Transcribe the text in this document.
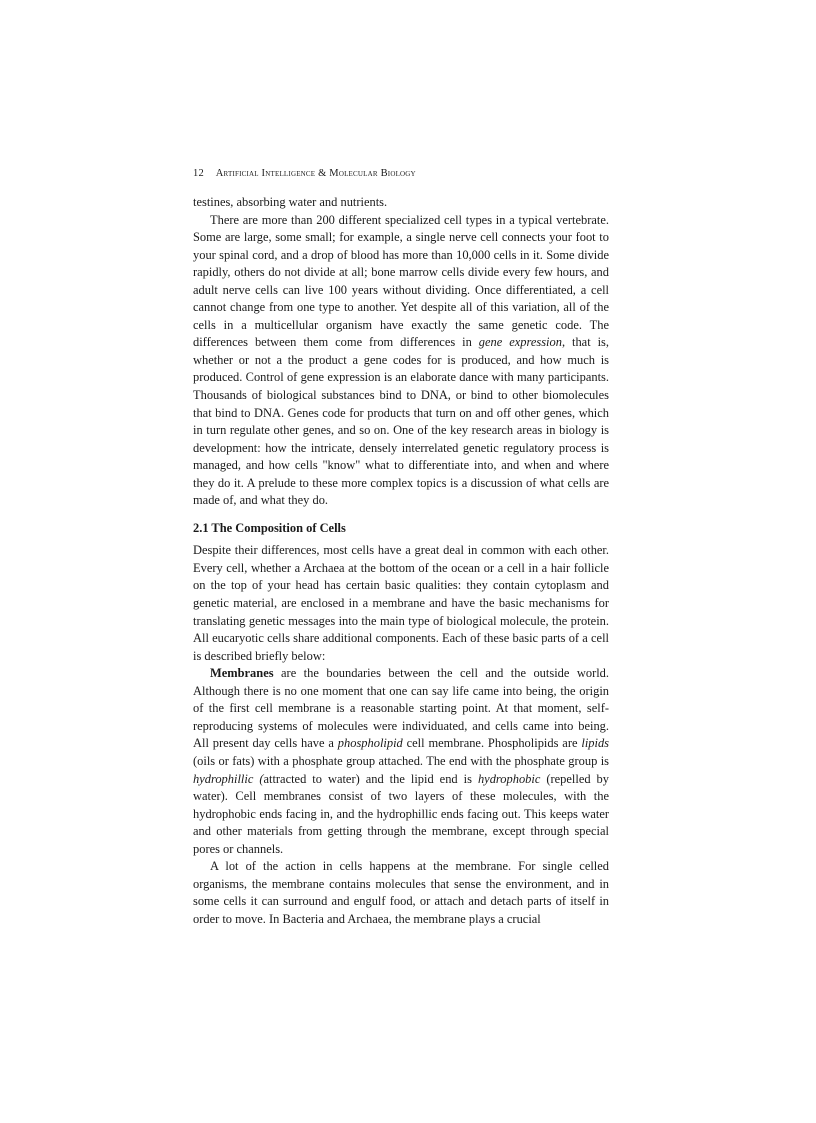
12 Artificial Intelligence & Molecular Biology

testines, absorbing water and nutrients.

There are more than 200 different specialized cell types in a typical vertebrate. Some are large, some small; for example, a single nerve cell connects your foot to your spinal cord, and a drop of blood has more than 10,000 cells in it. Some divide rapidly, others do not divide at all; bone marrow cells divide every few hours, and adult nerve cells can live 100 years without dividing. Once differentiated, a cell cannot change from one type to another. Yet despite all of this variation, all of the cells in a multicellular organism have exactly the same genetic code. The differences between them come from differences in gene expression, that is, whether or not a the product a gene codes for is produced, and how much is produced. Control of gene expression is an elaborate dance with many participants. Thousands of biological substances bind to DNA, or bind to other biomolecules that bind to DNA. Genes code for products that turn on and off other genes, which in turn regulate other genes, and so on. One of the key research areas in biology is development: how the intricate, densely interrelated genetic regulatory process is managed, and how cells "know" what to differentiate into, and when and where they do it. A prelude to these more complex topics is a discussion of what cells are made of, and what they do.

2.1 The Composition of Cells

Despite their differences, most cells have a great deal in common with each other. Every cell, whether a Archaea at the bottom of the ocean or a cell in a hair follicle on the top of your head has certain basic qualities: they contain cytoplasm and genetic material, are enclosed in a membrane and have the basic mechanisms for translating genetic messages into the main type of biological molecule, the protein. All eucaryotic cells share additional components. Each of these basic parts of a cell is described briefly below:

Membranes are the boundaries between the cell and the outside world. Although there is no one moment that one can say life came into being, the origin of the first cell membrane is a reasonable starting point. At that moment, self-reproducing systems of molecules were individuated, and cells came into being. All present day cells have a phospholipid cell membrane. Phospholipids are lipids (oils or fats) with a phosphate group attached. The end with the phosphate group is hydrophillic (attracted to water) and the lipid end is hydrophobic (repelled by water). Cell membranes consist of two layers of these molecules, with the hydrophobic ends facing in, and the hydrophillic ends facing out. This keeps water and other materials from getting through the membrane, except through special pores or channels.

A lot of the action in cells happens at the membrane. For single celled organisms, the membrane contains molecules that sense the environment, and in some cells it can surround and engulf food, or attach and detach parts of itself in order to move. In Bacteria and Archaea, the membrane plays a crucial
